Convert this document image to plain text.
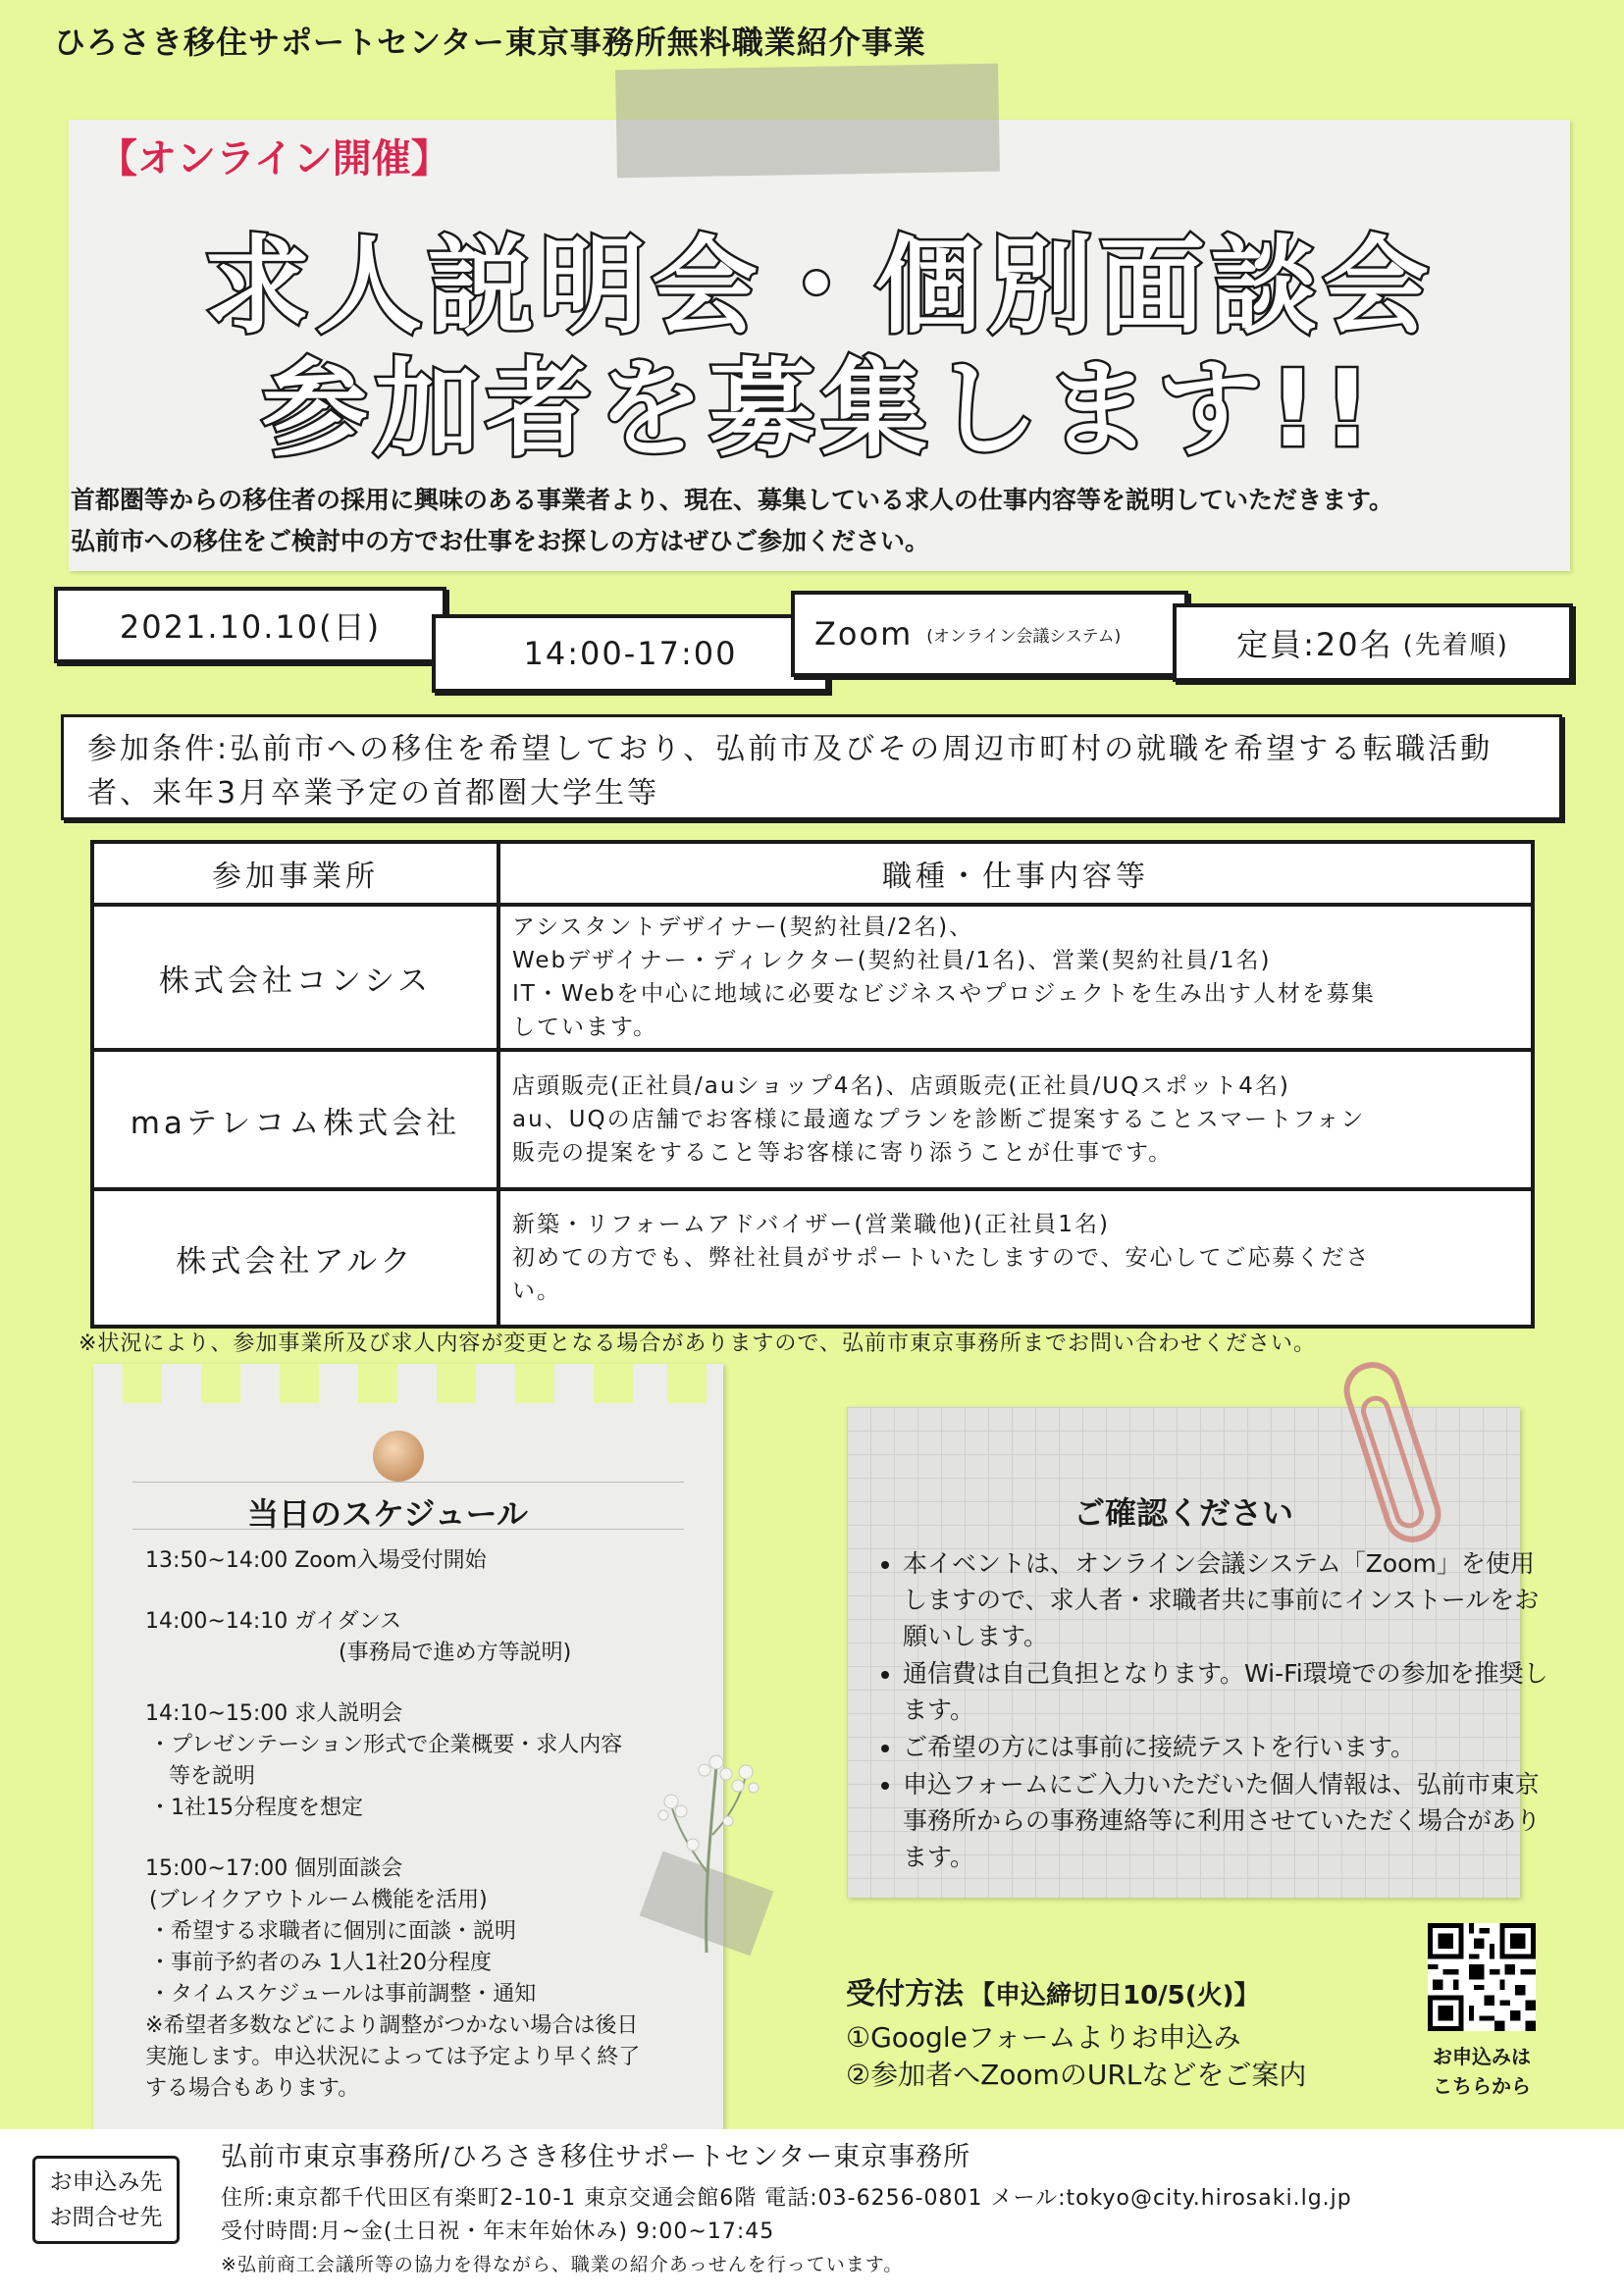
ひろさき移住サポートセンター東京事務所無料職業紹介事業
【オンライン開催】
求人説明会・個別面談会
参加者を募集します!!
首都圏等からの移住者の採用に興味のある事業者より、現在、募集している求人の仕事内容等を説明していただきます。
弘前市への移住をご検討中の方でお仕事をお探しの方はぜひご参加ください。
2021.10.10(日)
14:00-17:00
Zoom (オンライン会議システム)	定員:20名 (先着順)
参加条件:弘前市への移住を希望しており、弘前市及びその周辺市町村の就職を希望する転職活動者、来年3月卒業予定の首都圏大学生等
参加事業所	職種・仕事内容等
株式会社コンシス	アシスタントデザイナー(契約社員/2名)、
Webデザイナー・ディレクター(契約社員/1名)、営業(契約社員/1名)
IT・Webを中心に地域に必要なビジネスやプロジェクトを生み出す人材を募集
しています。

maテレコム株式会社	店頭販売(正社員/auショップ4名)、店頭販売(正社員/UQスポット4名)
au、UQの店舗でお客様に最適なプランを診断ご提案することスマートフォン
販売の提案をすること等お客様に寄り添うことが仕事です。

株式会社アルク	新築・リフォームアドバイザー(営業職他)(正社員1名)
初めての方でも、弊社社員がサポートいたしますので、安心してご応募くださ
い。
※状況により、参加事業所及び求人内容が変更となる場合がありますので、弘前市東京事務所までお問い合わせください。
当日のスケジュール
13:50~14:00 Zoom入場受付開始
14:00~14:10 ガイダンス
(事務局で進め方等説明)
14:10~15:00 求人説明会
・プレゼンテーション形式で企業概要・求人内容
等を説明
・1社15分程度を想定
15:00~17:00 個別面談会
(ブレイクアウトルーム機能を活用)
・希望する求職者に個別に面談・説明
・事前予約者のみ 1人1社20分程度
・タイムスケジュールは事前調整・通知
※希望者多数などにより調整がつかない場合は後日
実施します。申込状況によっては予定より早く終了
する場合もあります。
ご確認ください
• 本イベントは、オンライン会議システム「Zoom」を使用しますので、求人者・求職者共に事前にインストールをお願いします。
• 通信費は自己負担となります。Wi-Fi環境での参加を推奨します。
• ご希望の方には事前に接続テストを行います。
• 申込フォームにご入力いただいた個人情報は、弘前市東京事務所からの事務連絡等に利用させていただく場合があります。
受付方法 【申込締切日10/5(火)】
①Googleフォームよりお申込み
②参加者へZoomのURLなどをご案内
お申込みは
こちらから
お申込み先
お問合せ先
弘前市東京事務所/ひろさき移住サポートセンター東京事務所
住所:東京都千代田区有楽町2-10-1 東京交通会館6階 電話:03-6256-0801 メール:tokyo@city.hirosaki.lg.jp
受付時間:月~金(土日祝・年末年始休み) 9:00~17:45
※弘前商工会議所等の協力を得ながら、職業の紹介あっせんを行っています。
